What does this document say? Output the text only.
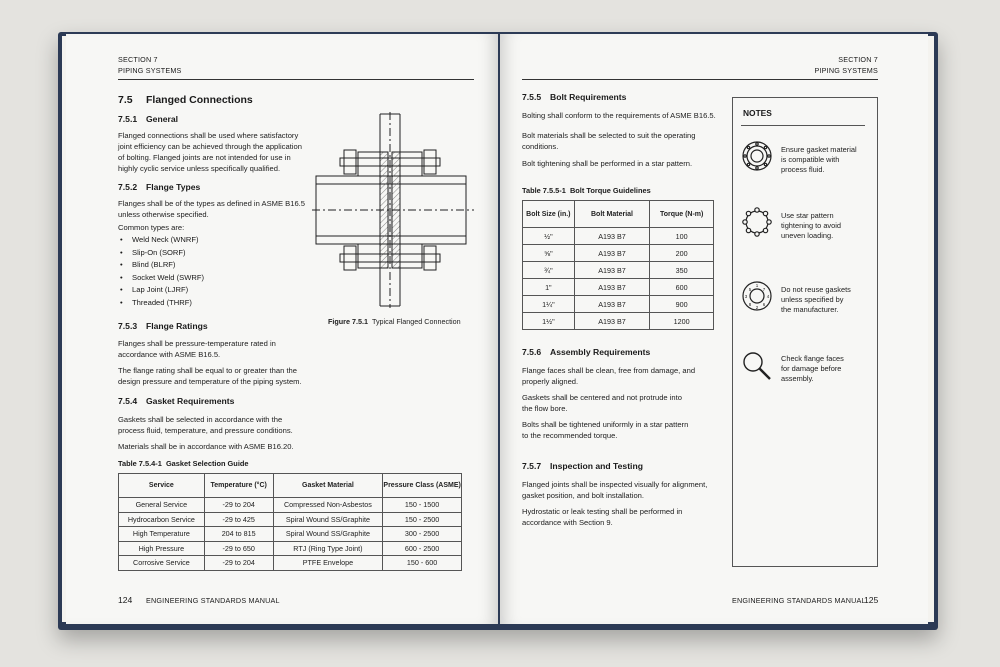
SECTION 7
PIPING SYSTEMS
7.5 Flanged Connections
7.5.1 General
Flanged connections shall be used where satisfactory
joint efficiency can be achieved through the application
of bolting. Flanged joints are not intended for use in
highly cyclic service unless specifically qualified.
7.5.2 Flange Types
Flanges shall be of the types as defined in ASME B16.5
unless otherwise specified.
Common types are:
• Weld Neck (WNRF)
• Slip-On (SORF)
• Blind (BLRF)
• Socket Weld (SWRF)
• Lap Joint (LJRF)
• Threaded (THRF)
7.5.3 Flange Ratings
Flanges shall be pressure-temperature rated in
accordance with ASME B16.5.
The flange rating shall be equal to or greater than the
design pressure and temperature of the piping system.
7.5.4 Gasket Requirements
Gaskets shall be selected in accordance with the
process fluid, temperature, and pressure conditions.
Materials shall be in accordance with ASME B16.20.
Table 7.5.4-1 Gasket Selection Guide
Service	Temperature (°C)	Gasket Material	Pressure Class (ASME)
General Service	-29 to 204	Compressed Non-Asbestos	150 - 1500
Hydrocarbon Service	-29 to 425	Spiral Wound SS/Graphite	150 - 2500
High Temperature	204 to 815	Spiral Wound SS/Graphite	300 - 2500
High Pressure	-29 to 650	RTJ (Ring Type Joint)	600 - 2500
Corrosive Service	-29 to 204	PTFE Envelope	150 - 600
Figure 7.5.1 Typical Flanged Connection
124 ENGINEERING STANDARDS MANUAL
SECTION 7
PIPING SYSTEMS
7.5.5 Bolt Requirements
Bolting shall conform to the requirements of ASME B16.5.
Bolt materials shall be selected to suit the operating
conditions.
Bolt tightening shall be performed in a star pattern.
Table 7.5.5-1 Bolt Torque Guidelines
Bolt Size (in.)	Bolt Material	Torque (N-m)
½"	A193 B7	100
⅝"	A193 B7	200
¾"	A193 B7	350
1"	A193 B7	600
1¼"	A193 B7	900
1½"	A193 B7	1200
7.5.6 Assembly Requirements
Flange faces shall be clean, free from damage, and
properly aligned.
Gaskets shall be centered and not protrude into
the flow bore.
Bolts shall be tightened uniformly in a star pattern
to the recommended torque.
7.5.7 Inspection and Testing
Flanged joints shall be inspected visually for alignment,
gasket position, and bolt installation.
Hydrostatic or leak testing shall be performed in
accordance with Section 9.
NOTES
Ensure gasket material
is compatible with
process fluid.
Use star pattern
tightening to avoid
uneven loading.
1
2
3	4
5
6
7
8
Do not reuse gaskets
unless specified by
the manufacturer.
Check flange faces
for damage before
assembly.
ENGINEERING STANDARDS MANUAL
125
